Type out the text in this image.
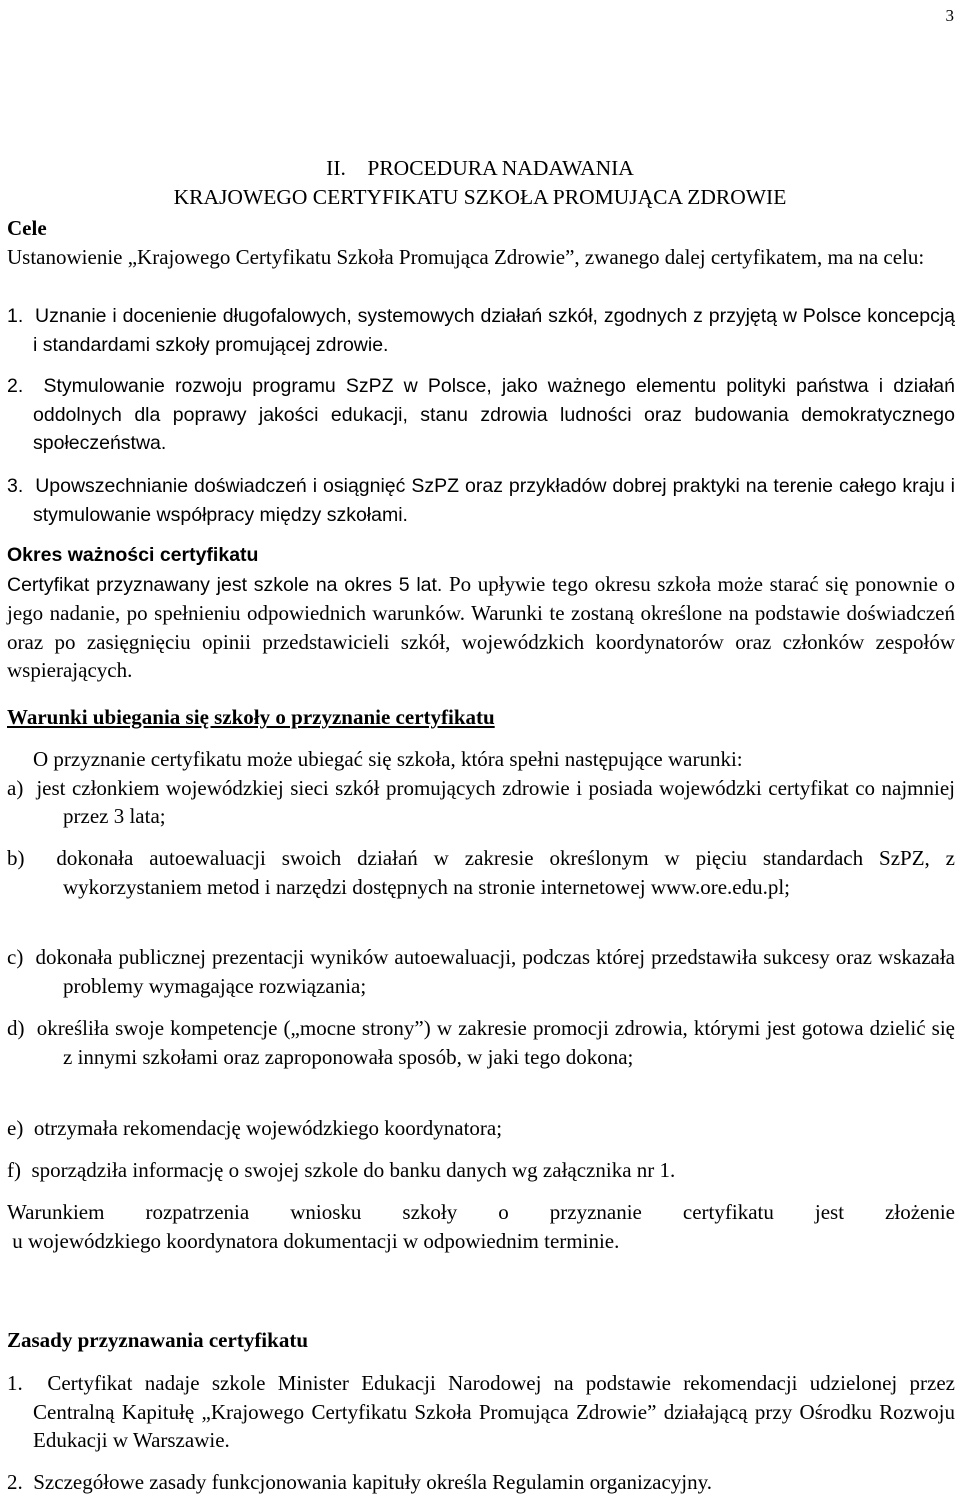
3
II. PROCEDURA NADAWANIA
KRAJOWEGO CERTYFIKATU SZKOŁA PROMUJĄCA ZDROWIE

Cele

Ustanowienie „Krajowego Certyfikatu Szkoła Promująca Zdrowie”, zwanego dalej certyfikatem, ma na celu:

1. Uznanie i docenienie długofalowych, systemowych działań szkół, zgodnych z przyjętą w Polsce koncepcją i standardami szkoły promującej zdrowie.

2. Stymulowanie rozwoju programu SzPZ w Polsce, jako ważnego elementu polityki państwa i działań oddolnych dla poprawy jakości edukacji, stanu zdrowia ludności oraz budowania demokratycznego społeczeństwa.

3. Upowszechnianie doświadczeń i osiągnięć SzPZ oraz przykładów dobrej praktyki na terenie całego kraju i stymulowanie współpracy między szkołami.

Okres ważności certyfikatu

Certyfikat przyznawany jest szkole na okres 5 lat. Po upływie tego okresu szkoła może starać się ponownie o jego nadanie, po spełnieniu odpowiednich warunków. Warunki te zostaną określone na podstawie doświadczeń oraz po zasięgnięciu opinii przedstawicieli szkół, wojewódzkich koordynatorów oraz członków zespołów wspierających.

Warunki ubiegania się szkoły o przyznanie certyfikatu

O przyznanie certyfikatu może ubiegać się szkoła, która spełni następujące warunki:

a) jest członkiem wojewódzkiej sieci szkół promujących zdrowie i posiada wojewódzki certyfikat co najmniej przez 3 lata;

b) dokonała autoewaluacji swoich działań w zakresie określonym w pięciu standardach SzPZ, z wykorzystaniem metod i narzędzi dostępnych na stronie internetowej www.ore.edu.pl;

c) dokonała publicznej prezentacji wyników autoewaluacji, podczas której przedstawiła sukcesy oraz wskazała problemy wymagające rozwiązania;

d) określiła swoje kompetencje („mocne strony”) w zakresie promocji zdrowia, którymi jest gotowa dzielić się z innymi szkołami oraz zaproponowała sposób, w jaki tego dokona;

e) otrzymała rekomendację wojewódzkiego koordynatora;

f) sporządziła informację o swojej szkole do banku danych wg załącznika nr 1.

Warunkiem rozpatrzenia wniosku szkoły o przyznanie certyfikatu jest złożenie

u wojewódzkiego koordynatora dokumentacji w odpowiednim terminie.

Zasady przyznawania certyfikatu

1. Certyfikat nadaje szkole Minister Edukacji Narodowej na podstawie rekomendacji udzielonej przez Centralną Kapitułę „Krajowego Certyfikatu Szkoła Promująca Zdrowie” działającą przy Ośrodku Rozwoju Edukacji w Warszawie.

2. Szczegółowe zasady funkcjonowania kapituły określa Regulamin organizacyjny.
